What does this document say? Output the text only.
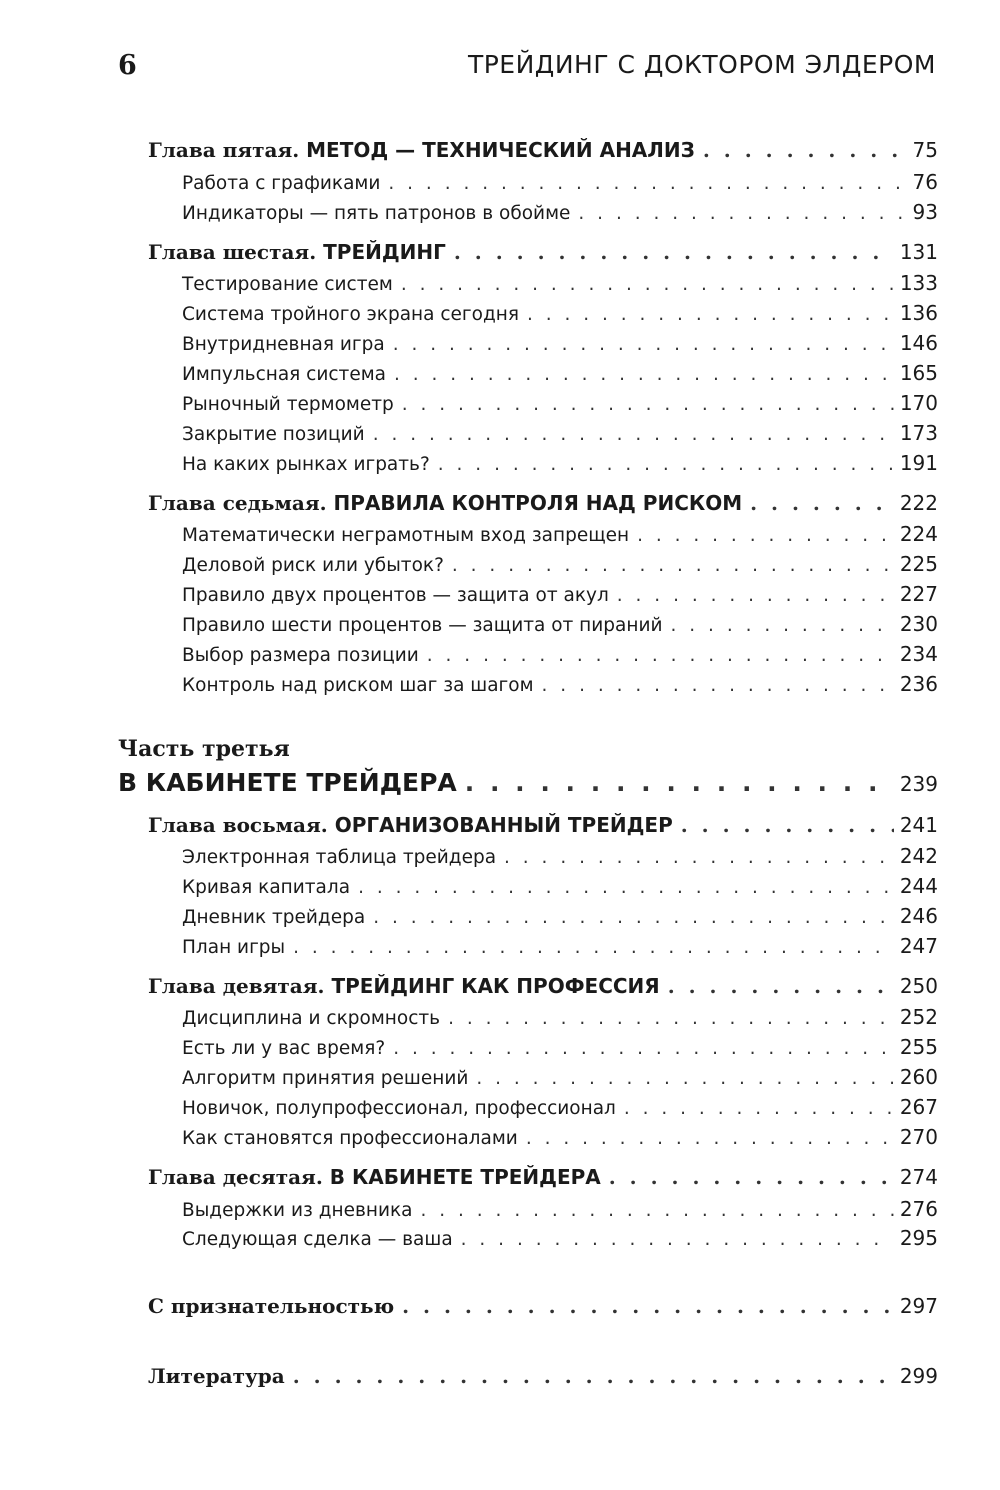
6	ТРЕЙДИНГ С ДОКТОРОМ ЭЛДЕРОМ
Глава пятая. МЕТОД — ТЕХНИЧЕСКИЙ АНАЛИЗ . . .	75
Работа с графиками . . .	76
Индикаторы — пять патронов в обойме . . .	93
Глава шестая. ТРЕЙДИНГ . . .	131
Тестирование систем . . .	133
Система тройного экрана сегодня . . .	136
Внутридневная игра . . .	146
Импульсная система . . .	165
Рыночный термометр . . .	170
Закрытие позиций . . .	173
На каких рынках играть? . . .	191
Глава седьмая. ПРАВИЛА КОНТРОЛЯ НАД РИСКОМ . . .	222
Математически неграмотным вход запрещен . . .	224
Деловой риск или убыток? . . .	225
Правило двух процентов — защита от акул . . .	227
Правило шести процентов — защита от пираний . . .	230
Выбор размера позиции . . .	234
Контроль над риском шаг за шагом . . .	236
Часть третья
В КАБИНЕТЕ ТРЕЙДЕРА . . .	239
Глава восьмая. ОРГАНИЗОВАННЫЙ ТРЕЙДЕР . . .	241
Электронная таблица трейдера . . .	242
Кривая капитала . . .	244
Дневник трейдера . . .	246
План игры . . .	247
Глава девятая. ТРЕЙДИНГ КАК ПРОФЕССИЯ . . .	250
Дисциплина и скромность . . .	252
Есть ли у вас время? . . .	255
Алгоритм принятия решений . . .	260
Новичок, полупрофессионал, профессионал . . .	267
Как становятся профессионалами . . .	270
Глава десятая. В КАБИНЕТЕ ТРЕЙДЕРА . . .	274
Выдержки из дневника . . .	276
Следующая сделка — ваша . . .	295
С признательностью . . .	297
Литература . . .	299
